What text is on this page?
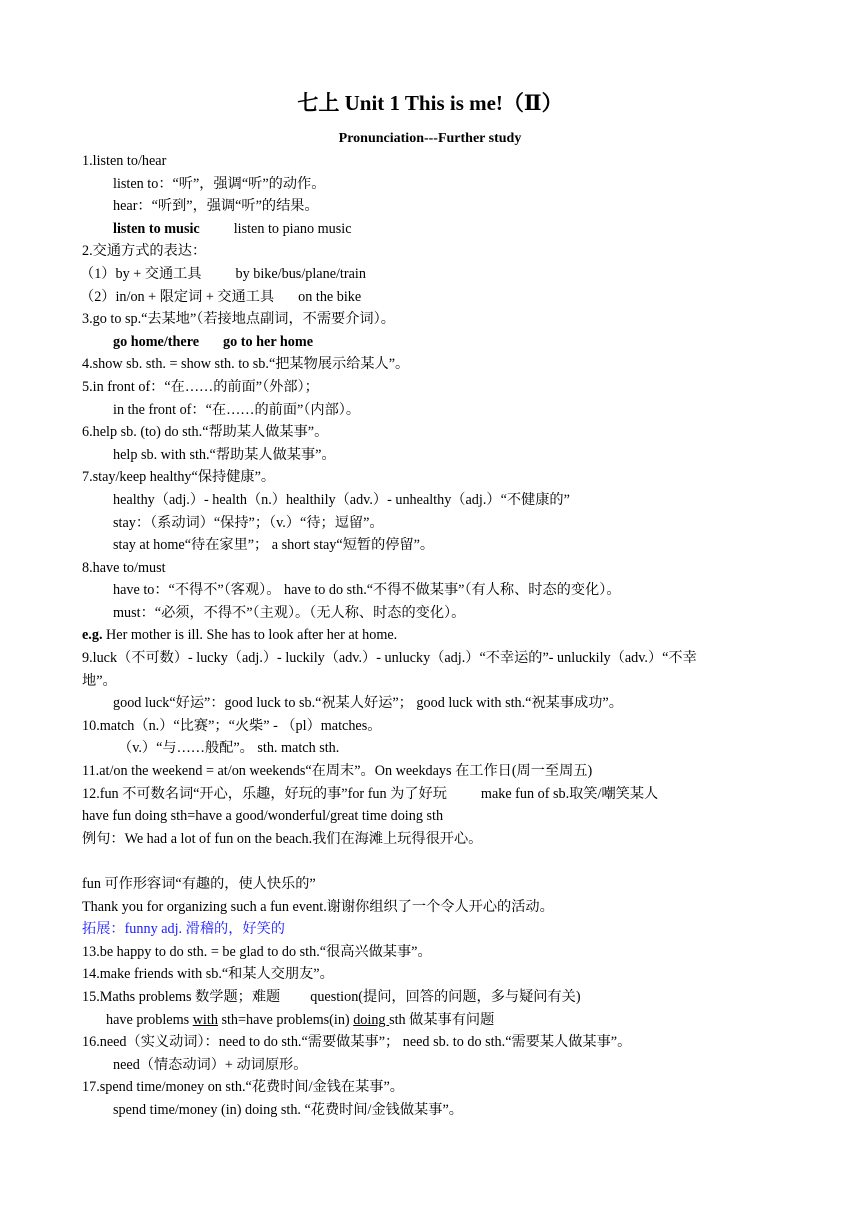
七上 Unit 1 This is me!（Ⅱ）
Pronunciation---Further study
1.listen to/hear
listen to：“听”，强调“听”的动作。
hear：“听到”，强调“听”的结果。
listen to music listen to piano music
2.交通方式的表达：
（1）by + 交通工具 by bike/bus/plane/train
（2）in/on + 限定词 + 交通工具 on the bike
3.go to sp.“去某地”（若接地点副词，不需要介词）。
go home/there go to her home
4.show sb. sth. = show sth. to sb.“把某物展示给某人”。
5.in front of：“在……的前面”（外部）；
in the front of：“在……的前面”（内部）。
6.help sb. (to) do sth.“帮助某人做某事”。
help sb. with sth.“帮助某人做某事”。
7.stay/keep healthy“保持健康”。
healthy（adj.）- health（n.）healthily（adv.）- unhealthy（adj.）“不健康的”
stay：（系动词）“保持”；（v.）“待；逗留”。
stay at home“待在家里”； a short stay“短暂的停留”。
8.have to/must
have to：“不得不”（客观）。 have to do sth.“不得不做某事”（有人称、时态的变化）。
must：“必须，不得不”（主观）。（无人称、时态的变化）。
e.g. Her mother is ill. She has to look after her at home.
9.luck（不可数）- lucky（adj.）- luckily（adv.）- unlucky（adj.）“不幸运的”- unluckily（adv.）“不幸
地”。
good luck“好运”：good luck to sb.“祝某人好运”； good luck with sth.“祝某事成功”。
10.match（n.）“比赛”；“火柴” - （pl）matches。
（v.）“与……般配”。 sth. match sth.
11.at/on the weekend = at/on weekends“在周末”。On weekdays 在工作日(周一至周五)
12.fun 不可数名词“开心，乐趣，好玩的事”for fun 为了好玩 make fun of sb.取笑/嘲笑某人
have fun doing sth=have a good/wonderful/great time doing sth
例句：We had a lot of fun on the beach.我们在海滩上玩得很开心。
fun 可作形容词“有趣的，使人快乐的”
Thank you for organizing such a fun event.谢谢你组织了一个令人开心的活动。
拓展：funny adj. 滑稽的，好笑的
13.be happy to do sth. = be glad to do sth.“很高兴做某事”。
14.make friends with sb.“和某人交朋友”。
15.Maths problems 数学题；难题 question(提问，回答的问题，多与疑问有关)
have problems with sth=have problems(in) doing sth 做某事有问题
16.need（实义动词）：need to do sth.“需要做某事”； need sb. to do sth.“需要某人做某事”。
need（情态动词）+ 动词原形。
17.spend time/money on sth.“花费时间/金钱在某事”。
spend time/money (in) doing sth. “花费时间/金钱做某事”。
